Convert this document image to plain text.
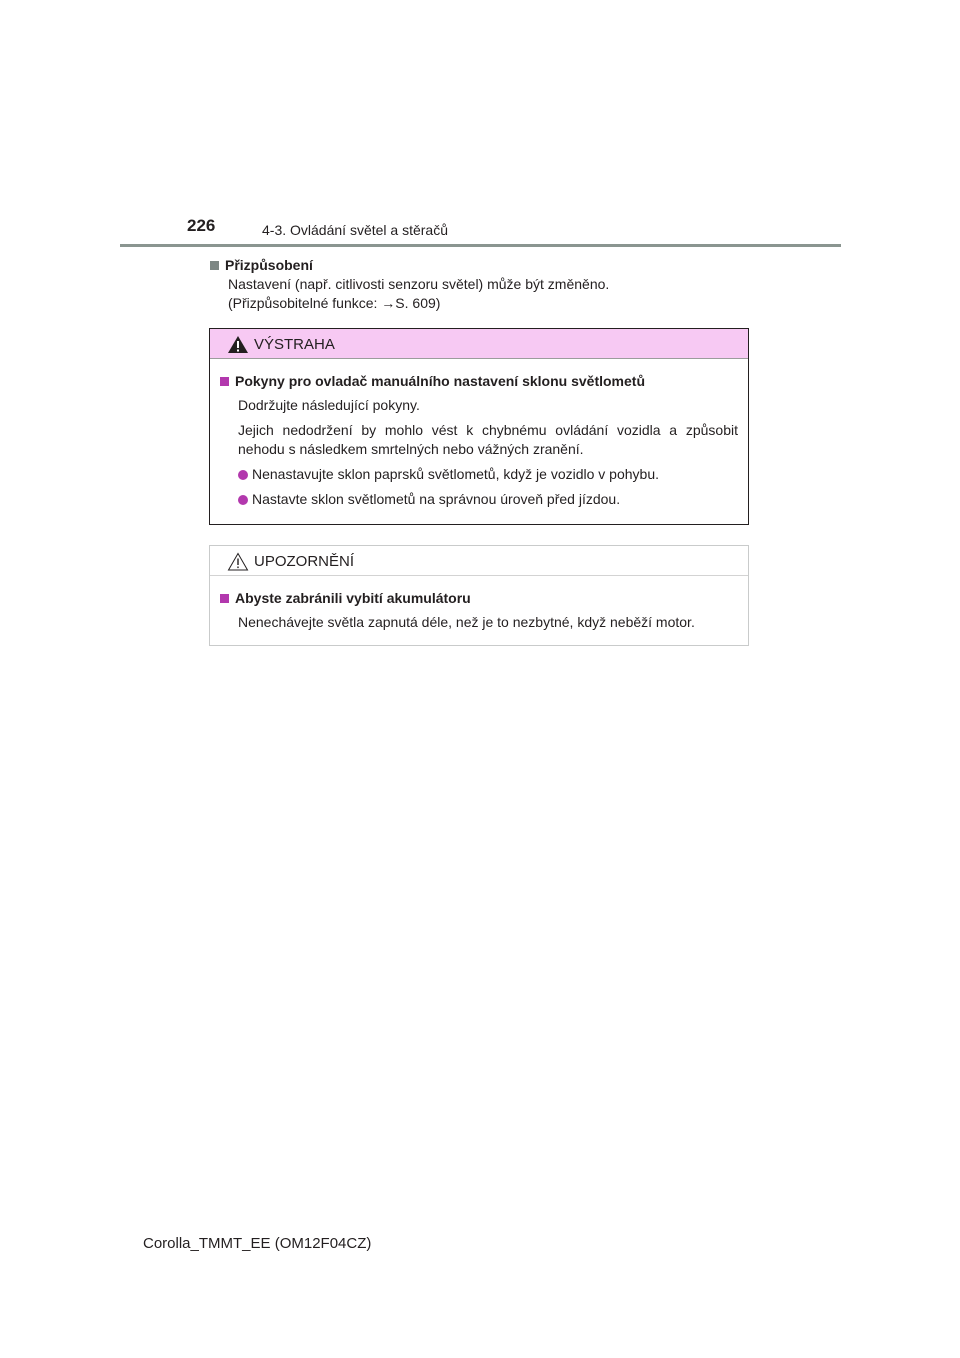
226	4-3. Ovládání světel a stěračů
Přizpůsobení
Nastavení (např. citlivosti senzoru světel) může být změněno.
(Přizpůsobitelné funkce: →S. 609)
VÝSTRAHA
Pokyny pro ovladač manuálního nastavení sklonu světlometů
Dodržujte následující pokyny.
Jejich nedodržení by mohlo vést k chybnému ovládání vozidla a způsobit nehodu s následkem smrtelných nebo vážných zranění.
Nenastavujte sklon paprsků světlometů, když je vozidlo v pohybu.
Nastavte sklon světlometů na správnou úroveň před jízdou.
UPOZORNĚNÍ
Abyste zabránili vybití akumulátoru
Nenechávejte světla zapnutá déle, než je to nezbytné, když neběží motor.
Corolla_TMMT_EE (OM12F04CZ)
